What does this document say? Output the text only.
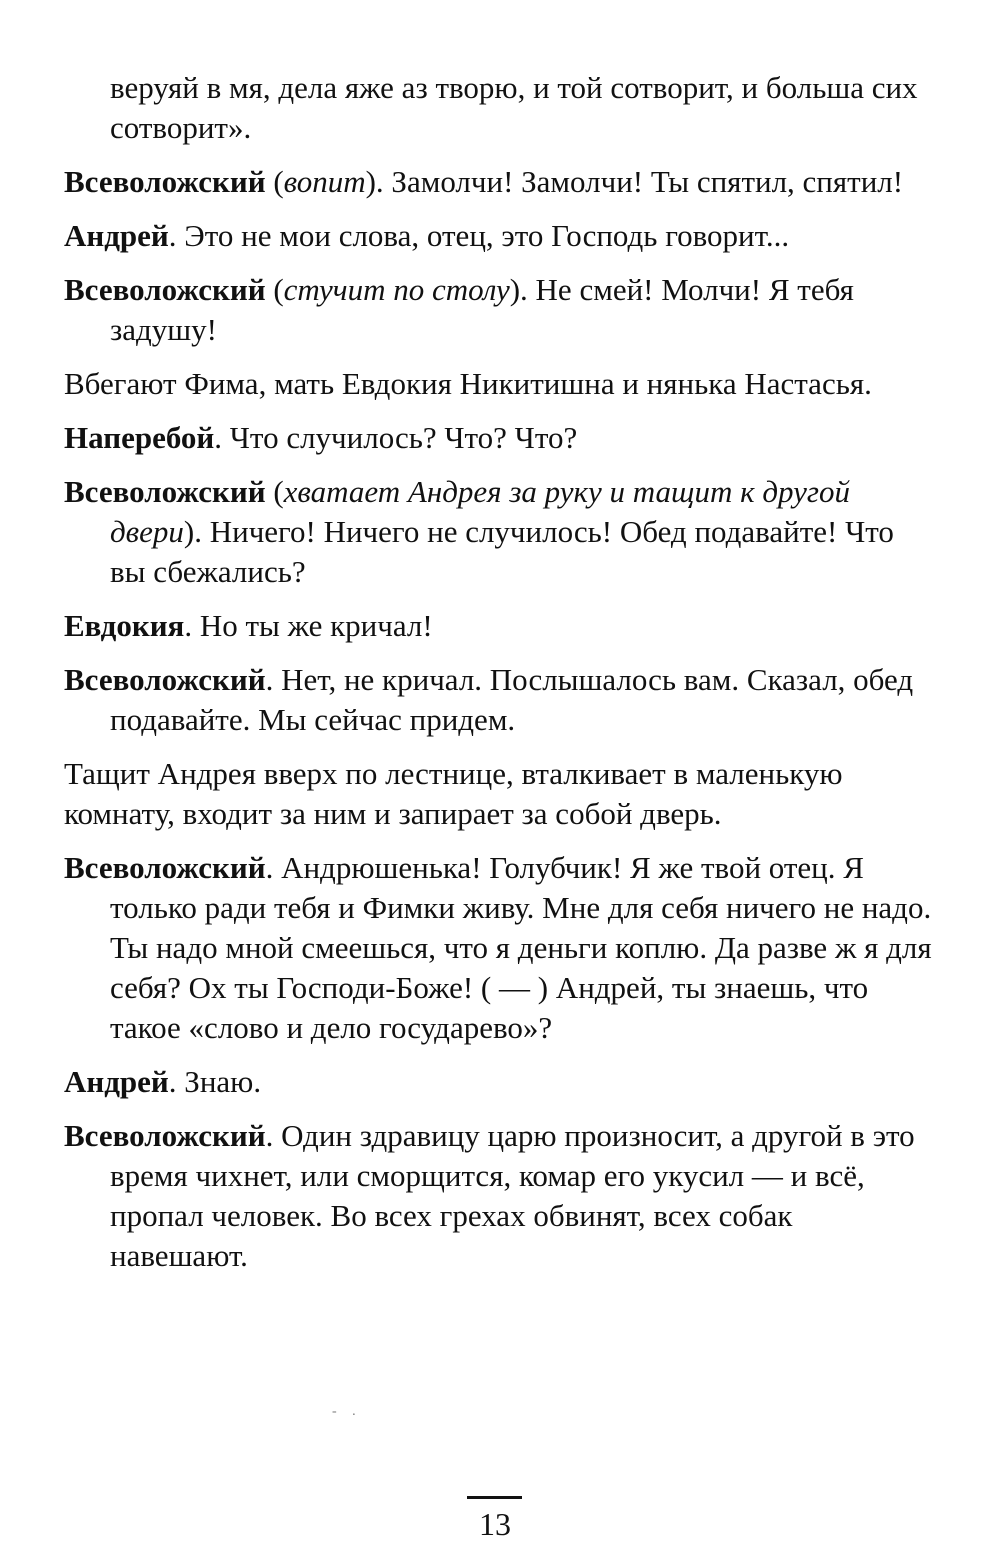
веруяй в мя, дела яже аз творю, и той сотворит, и больша сих сотворит».

Всеволожский (вопит). Замолчи! Замолчи! Ты спятил, спятил!

Андрей. Это не мои слова, отец, это Господь говорит...

Всеволожский (стучит по столу). Не смей! Молчи! Я тебя задушу!

Вбегают Фима, мать Евдокия Никитишна и нянька Настасья.

Наперебой. Что случилось? Что? Что?

Всеволожский (хватает Андрея за руку и тащит к другой двери). Ничего! Ничего не случилось! Обед подавайте! Что вы сбежались?

Евдокия. Но ты же кричал!

Всеволожский. Нет, не кричал. Послышалось вам. Сказал, обед подавайте. Мы сейчас придем.

Тащит Андрея вверх по лестнице, вталкивает в маленькую комнату, входит за ним и запирает за собой дверь.

Всеволожский. Андрюшенька! Голубчик! Я же твой отец. Я только ради тебя и Фимки живу. Мне для себя ничего не надо. Ты надо мной смеешься, что я деньги коплю. Да разве ж я для себя? Ох ты Господи-Боже! ( — ) Андрей, ты знаешь, что такое «слово и дело государево»?

Андрей. Знаю.

Всеволожский. Один здравицу царю произносит, а другой в это время чихнет, или сморщится, комар его укусил — и всё, пропал человек. Во всех грехах обвинят, всех собак навешают.

- .
13
